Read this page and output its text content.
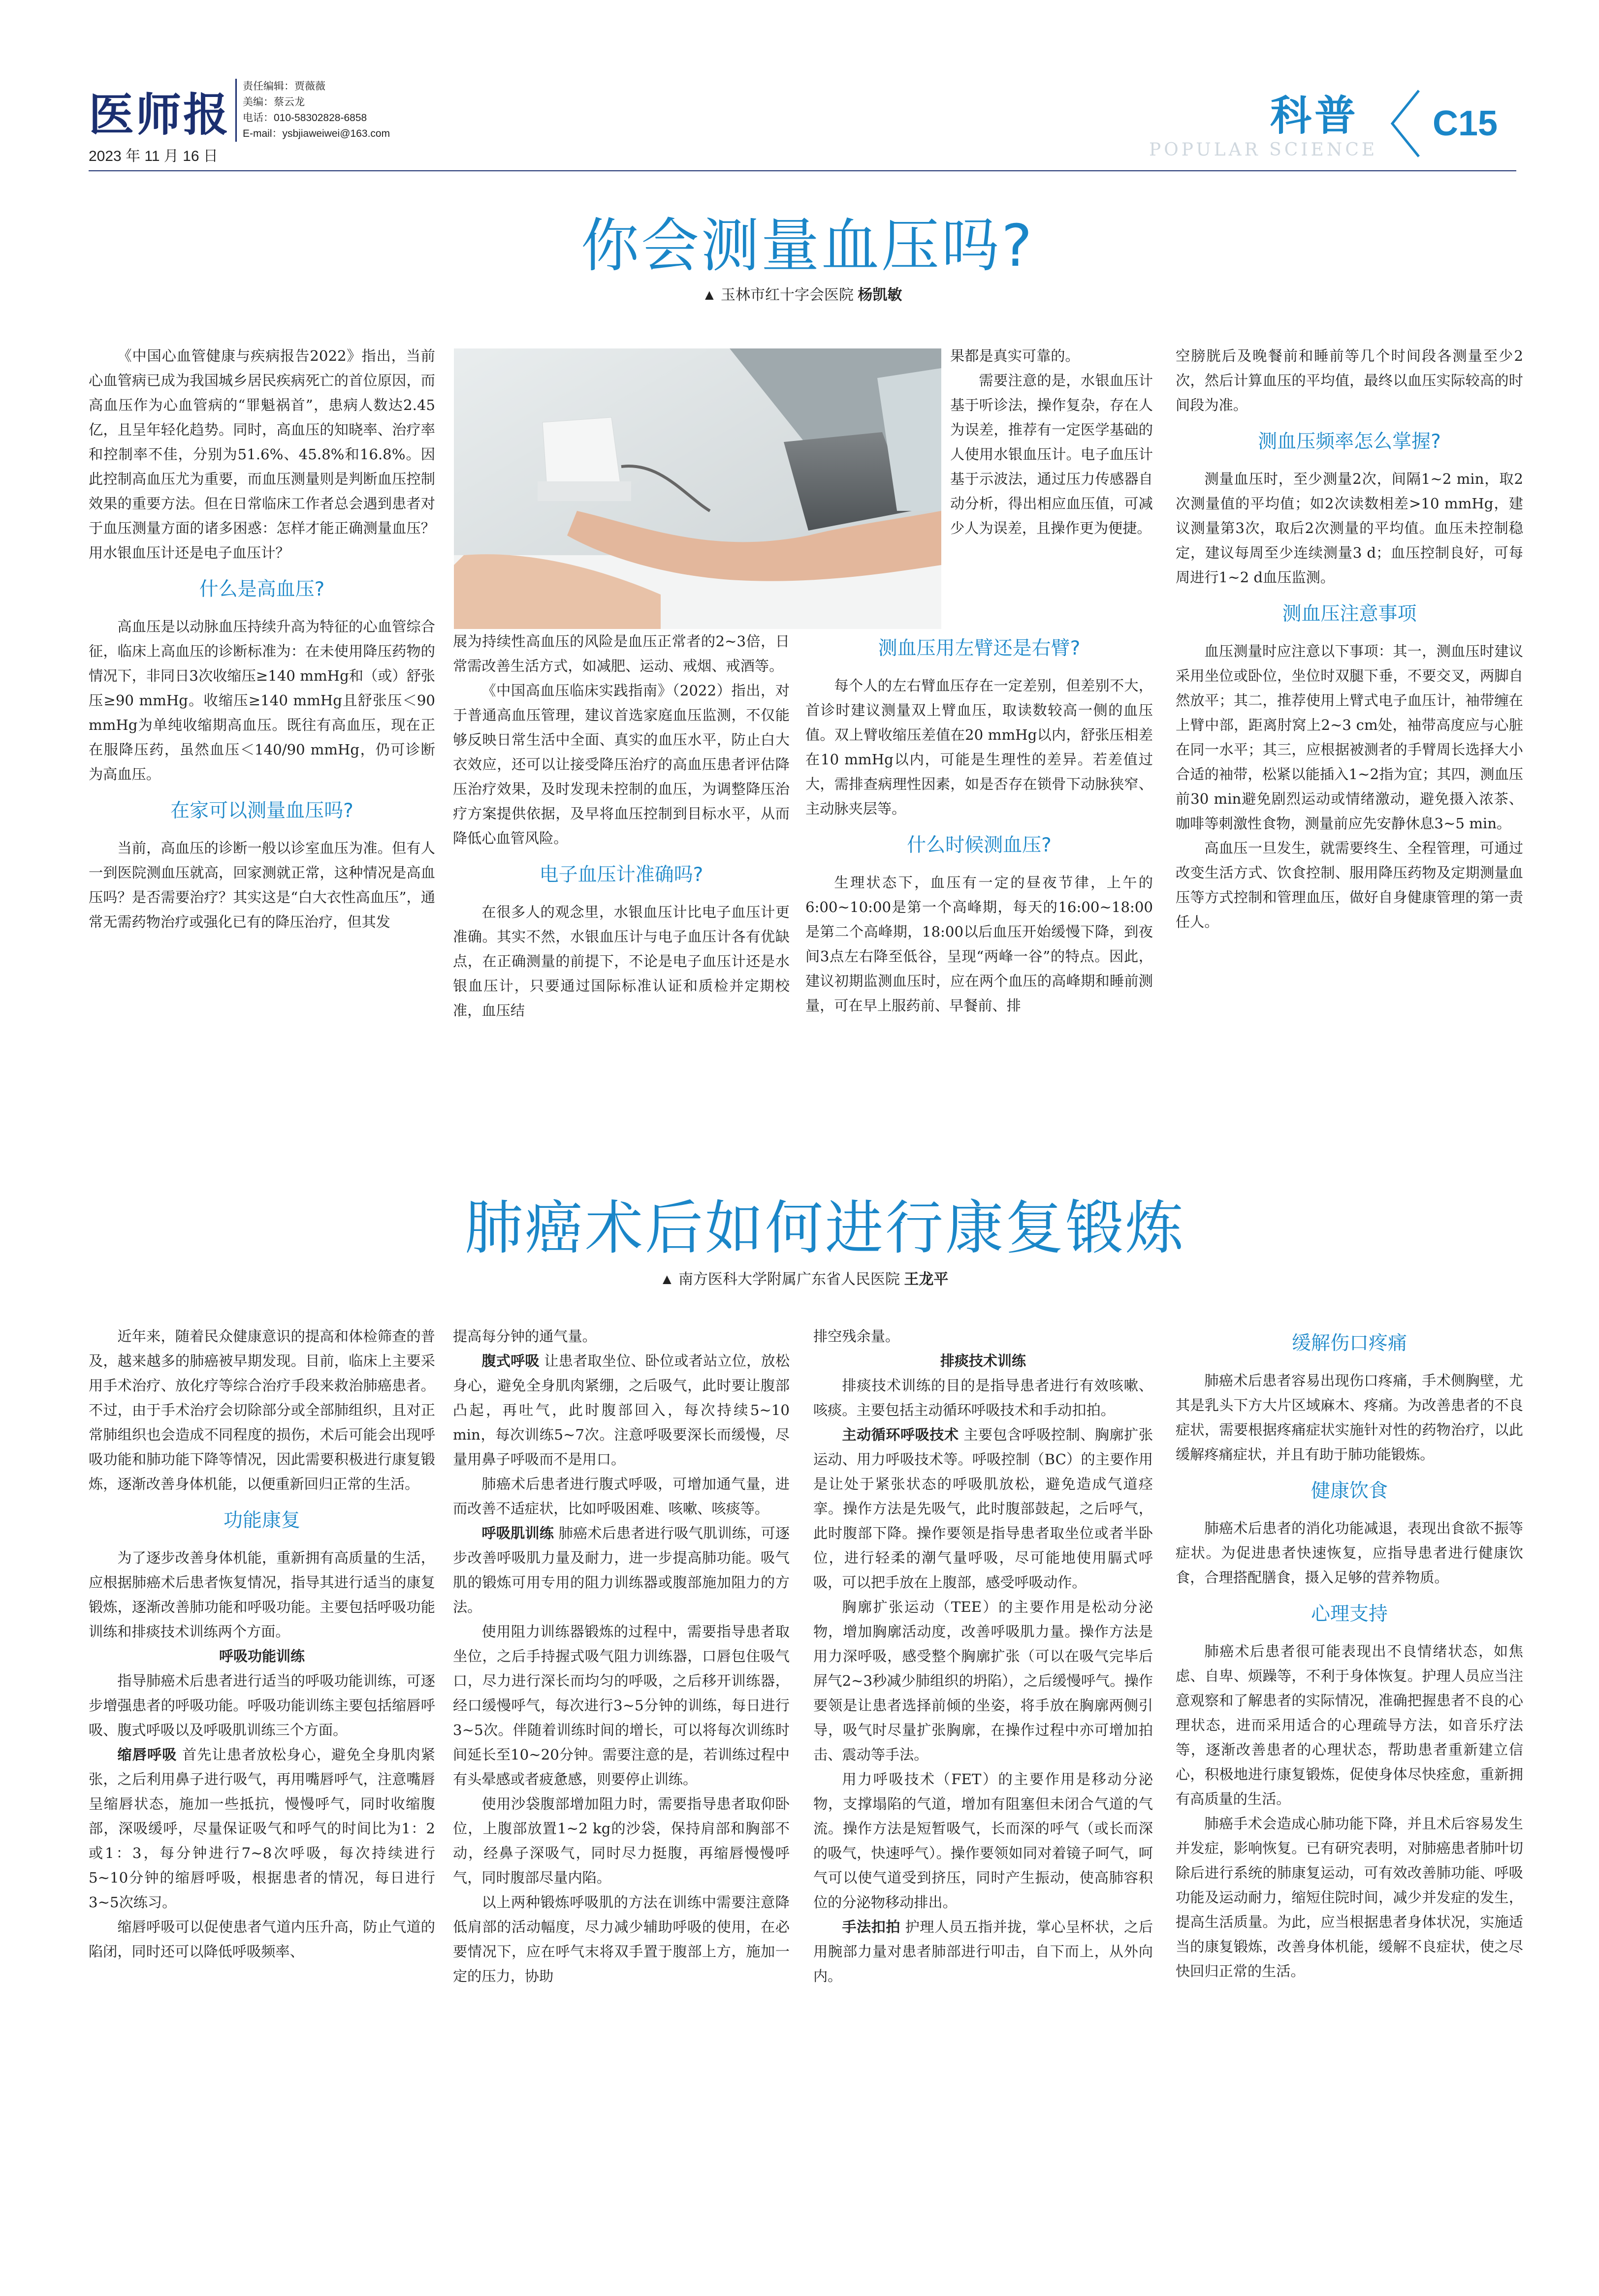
医师报
2023 年 11 月 16 日
责任编辑：贾薇薇
美编：蔡云龙
电话：010-58302828-6858
E-mail：ysbjiaweiwei@163.com
POPULAR SCIENCE
科普 C15
你会测量血压吗?
▲ 玉林市红十字会医院 杨凯敏

《中国心血管健康与疾病报告2022》指出，当前心血管病已成为我国城乡居民疾病死亡的首位原因，而高血压作为心血管病的“罪魁祸首”，患病人数达2.45亿，且呈年轻化趋势。同时，高血压的知晓率、治疗率和控制率不佳，分别为51.6%、45.8%和16.8%。因此控制高血压尤为重要，而血压测量则是判断血压控制效果的重要方法。但在日常临床工作者总会遇到患者对于血压测量方面的诸多困惑：怎样才能正确测量血压？用水银血压计还是电子血压计？

什么是高血压?

高血压是以动脉血压持续升高为特征的心血管综合征，临床上高血压的诊断标准为：在未使用降压药物的情况下，非同日3次收缩压≥140 mmHg和（或）舒张压≥90 mmHg。收缩压≥140 mmHg且舒张压＜90 mmHg为单纯收缩期高血压。既往有高血压，现在正在服降压药，虽然血压＜140/90 mmHg，仍可诊断为高血压。

在家可以测量血压吗?

当前，高血压的诊断一般以诊室血压为准。但有人一到医院测血压就高，回家测就正常，这种情况是高血压吗？是否需要治疗？其实这是“白大衣性高血压”，通常无需药物治疗或强化已有的降压治疗，但其发

展为持续性高血压的风险是血压正常者的2~3倍，日常需改善生活方式，如减肥、运动、戒烟、戒酒等。

《中国高血压临床实践指南》（2022）指出，对于普通高血压管理，建议首选家庭血压监测，不仅能够反映日常生活中全面、真实的血压水平，防止白大衣效应，还可以让接受降压治疗的高血压患者评估降压治疗效果，及时发现未控制的血压，为调整降压治疗方案提供依据，及早将血压控制到目标水平，从而降低心血管风险。

电子血压计准确吗?

在很多人的观念里，水银血压计比电子血压计更准确。其实不然，水银血压计与电子血压计各有优缺点，在正确测量的前提下，不论是电子血压计还是水银血压计，只要通过国际标准认证和质检并定期校准，血压结

果都是真实可靠的。

需要注意的是，水银血压计基于听诊法，操作复杂，存在人为误差，推荐有一定医学基础的人使用水银血压计。电子血压计基于示波法，通过压力传感器自动分析，得出相应血压值，可减少人为误差，且操作更为便捷。

测血压用左臂还是右臂?

每个人的左右臂血压存在一定差别，但差别不大，首诊时建议测量双上臂血压，取读数较高一侧的血压值。双上臂收缩压差值在20 mmHg以内，舒张压相差在10 mmHg以内，可能是生理性的差异。若差值过大，需排查病理性因素，如是否存在锁骨下动脉狭窄、主动脉夹层等。

什么时候测血压?

生理状态下，血压有一定的昼夜节律，上午的6:00~10:00是第一个高峰期，每天的16:00~18:00是第二个高峰期，18:00以后血压开始缓慢下降，到夜间3点左右降至低谷，呈现“两峰一谷”的特点。因此，建议初期监测血压时，应在两个血压的高峰期和睡前测量，可在早上服药前、早餐前、排

空膀胱后及晚餐前和睡前等几个时间段各测量至少2次，然后计算血压的平均值，最终以血压实际较高的时间段为准。

测血压频率怎么掌握?

测量血压时，至少测量2次，间隔1~2 min，取2次测量值的平均值；如2次读数相差>10 mmHg，建议测量第3次，取后2次测量的平均值。血压未控制稳定，建议每周至少连续测量3 d；血压控制良好，可每周进行1~2 d血压监测。

测血压注意事项

血压测量时应注意以下事项：其一，测血压时建议采用坐位或卧位，坐位时双腿下垂，不要交叉，两脚自然放平；其二，推荐使用上臂式电子血压计，袖带缠在上臂中部，距离肘窝上2~3 cm处，袖带高度应与心脏在同一水平；其三，应根据被测者的手臂周长选择大小合适的袖带，松紧以能插入1~2指为宜；其四，测血压前30 min避免剧烈运动或情绪激动，避免摄入浓茶、咖啡等刺激性食物，测量前应先安静休息3~5 min。

高血压一旦发生，就需要终生、全程管理，可通过改变生活方式、饮食控制、服用降压药物及定期测量血压等方式控制和管理血压，做好自身健康管理的第一责任人。

肺癌术后如何进行康复锻炼
▲ 南方医科大学附属广东省人民医院 王龙平

近年来，随着民众健康意识的提高和体检筛查的普及，越来越多的肺癌被早期发现。目前，临床上主要采用手术治疗、放化疗等综合治疗手段来救治肺癌患者。不过，由于手术治疗会切除部分或全部肺组织，且对正常肺组织也会造成不同程度的损伤，术后可能会出现呼吸功能和肺功能下降等情况，因此需要积极进行康复锻炼，逐渐改善身体机能，以便重新回归正常的生活。

功能康复

为了逐步改善身体机能，重新拥有高质量的生活，应根据肺癌术后患者恢复情况，指导其进行适当的康复锻炼，逐渐改善肺功能和呼吸功能。主要包括呼吸功能训练和排痰技术训练两个方面。

呼吸功能训练

指导肺癌术后患者进行适当的呼吸功能训练，可逐步增强患者的呼吸功能。呼吸功能训练主要包括缩唇呼吸、腹式呼吸以及呼吸肌训练三个方面。

缩唇呼吸 首先让患者放松身心，避免全身肌肉紧张，之后利用鼻子进行吸气，再用嘴唇呼气，注意嘴唇呈缩唇状态，施加一些抵抗，慢慢呼气，同时收缩腹部，深吸缓呼，尽量保证吸气和呼气的时间比为1：2或1：3，每分钟进行7~8次呼吸，每次持续进行5~10分钟的缩唇呼吸，根据患者的情况，每日进行3~5次练习。

缩唇呼吸可以促使患者气道内压升高，防止气道的陷闭，同时还可以降低呼吸频率、

提高每分钟的通气量。

腹式呼吸 让患者取坐位、卧位或者站立位，放松身心，避免全身肌肉紧绷，之后吸气，此时要让腹部凸起，再吐气，此时腹部回入，每次持续5~10 min，每次训练5~7次。注意呼吸要深长而缓慢，尽量用鼻子呼吸而不是用口。

肺癌术后患者进行腹式呼吸，可增加通气量，进而改善不适症状，比如呼吸困难、咳嗽、咳痰等。

呼吸肌训练 肺癌术后患者进行吸气肌训练，可逐步改善呼吸肌力量及耐力，进一步提高肺功能。吸气肌的锻炼可用专用的阻力训练器或腹部施加阻力的方法。

使用阻力训练器锻炼的过程中，需要指导患者取坐位，之后手持握式吸气阻力训练器，口唇包住吸气口，尽力进行深长而均匀的呼吸，之后移开训练器，经口缓慢呼气，每次进行3~5分钟的训练，每日进行3~5次。伴随着训练时间的增长，可以将每次训练时间延长至10~20分钟。需要注意的是，若训练过程中有头晕感或者疲惫感，则要停止训练。

使用沙袋腹部增加阻力时，需要指导患者取仰卧位，上腹部放置1~2 kg的沙袋，保持肩部和胸部不动，经鼻子深吸气，同时尽力挺腹，再缩唇慢慢呼气，同时腹部尽量内陷。

以上两种锻炼呼吸肌的方法在训练中需要注意降低肩部的活动幅度，尽力减少辅助呼吸的使用，在必要情况下，应在呼气末将双手置于腹部上方，施加一定的压力，协助

排空残余量。

排痰技术训练

排痰技术训练的目的是指导患者进行有效咳嗽、咳痰。主要包括主动循环呼吸技术和手动扣拍。

主动循环呼吸技术 主要包含呼吸控制、胸廓扩张运动、用力呼吸技术等。呼吸控制（BC）的主要作用是让处于紧张状态的呼吸肌放松，避免造成气道痉挛。操作方法是先吸气，此时腹部鼓起，之后呼气，此时腹部下降。操作要领是指导患者取坐位或者半卧位，进行轻柔的潮气量呼吸，尽可能地使用膈式呼吸，可以把手放在上腹部，感受呼吸动作。

胸廓扩张运动（TEE）的主要作用是松动分泌物，增加胸廓活动度，改善呼吸肌力量。操作方法是用力深呼吸，感受整个胸廓扩张（可以在吸气完毕后屏气2~3秒减少肺组织的坍陷），之后缓慢呼气。操作要领是让患者选择前倾的坐姿，将手放在胸廓两侧引导，吸气时尽量扩张胸廓，在操作过程中亦可增加拍击、震动等手法。

用力呼吸技术（FET）的主要作用是移动分泌物，支撑塌陷的气道，增加有阻塞但未闭合气道的气流。操作方法是短暂吸气，长而深的呼气（或长而深的吸气，快速呼气）。操作要领如同对着镜子呵气，呵气可以使气道受到挤压，同时产生振动，使高肺容积位的分泌物移动排出。

手法扣拍 护理人员五指并拢，掌心呈杯状，之后用腕部力量对患者肺部进行叩击，自下而上，从外向内。

缓解伤口疼痛

肺癌术后患者容易出现伤口疼痛，手术侧胸壁，尤其是乳头下方大片区域麻木、疼痛。为改善患者的不良症状，需要根据疼痛症状实施针对性的药物治疗，以此缓解疼痛症状，并且有助于肺功能锻炼。

健康饮食

肺癌术后患者的消化功能减退，表现出食欲不振等症状。为促进患者快速恢复，应指导患者进行健康饮食，合理搭配膳食，摄入足够的营养物质。

心理支持

肺癌术后患者很可能表现出不良情绪状态，如焦虑、自卑、烦躁等，不利于身体恢复。护理人员应当注意观察和了解患者的实际情况，准确把握患者不良的心理状态，进而采用适合的心理疏导方法，如音乐疗法等，逐渐改善患者的心理状态，帮助患者重新建立信心，积极地进行康复锻炼，促使身体尽快痊愈，重新拥有高质量的生活。

肺癌手术会造成心肺功能下降，并且术后容易发生并发症，影响恢复。已有研究表明，对肺癌患者肺叶切除后进行系统的肺康复运动，可有效改善肺功能、呼吸功能及运动耐力，缩短住院时间，减少并发症的发生，提高生活质量。为此，应当根据患者身体状况，实施适当的康复锻炼，改善身体机能，缓解不良症状，使之尽快回归正常的生活。
